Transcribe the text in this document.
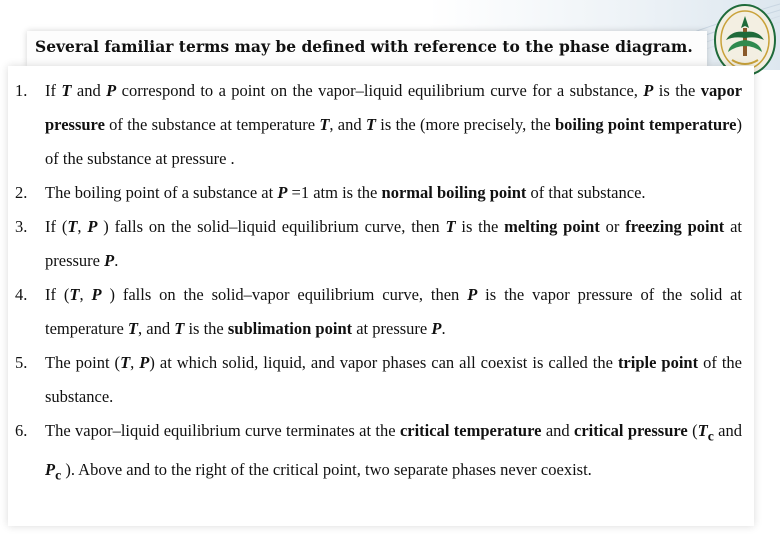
Several familiar terms may be defined with reference to the phase diagram.
1.	If T and P correspond to a point on the vapor–liquid equilibrium curve for a substance, P is the vapor pressure of the substance at temperature T, and T is the (more precisely, the boiling point temperature) of the substance at pressure .
2.	The boiling point of a substance at P =1 atm is the normal boiling point of that substance.
3.	If (T, P ) falls on the solid–liquid equilibrium curve, then T is the melting point or freezing point at pressure P.
4.	If (T, P ) falls on the solid–vapor equilibrium curve, then P is the vapor pressure of the solid at temperature T, and T is the sublimation point at pressure P.
5.	The point (T, P) at which solid, liquid, and vapor phases can all coexist is called the triple point of the substance.
6.	The vapor–liquid equilibrium curve terminates at the critical temperature and critical pressure ($T_c$ and $P_c$ ). Above and to the right of the critical point, two separate phases never coexist.
